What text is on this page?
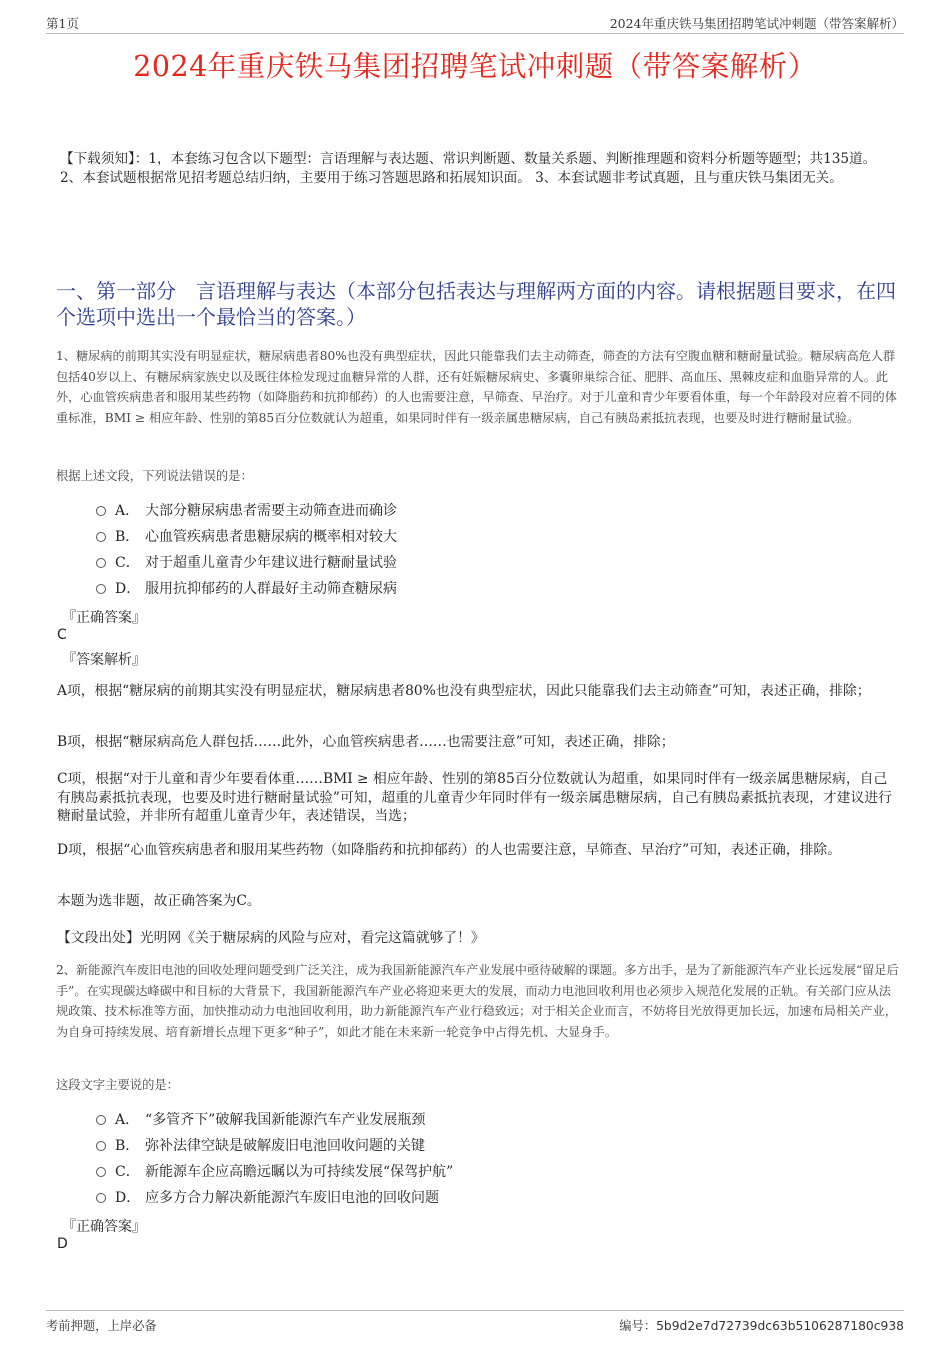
第1页	2024年重庆铁马集团招聘笔试冲刺题（带答案解析）
2024年重庆铁马集团招聘笔试冲刺题（带答案解析）
【下载须知】：1，本套练习包含以下题型：言语理解与表达题、常识判断题、数量关系题、判断推理题和资料分析题等题型；共135道。 2、本套试题根据常见招考题总结归纳，主要用于练习答题思路和拓展知识面。 3、本套试题非考试真题，且与重庆铁马集团无关。
一、第一部分　言语理解与表达（本部分包括表达与理解两方面的内容。请根据题目要求，在四个选项中选出一个最恰当的答案。）
1、糖尿病的前期其实没有明显症状，糖尿病患者80%也没有典型症状，因此只能靠我们去主动筛查，筛查的方法有空腹血糖和糖耐量试验。糖尿病高危人群包括40岁以上、有糖尿病家族史以及既往体检发现过血糖异常的人群，还有妊娠糖尿病史、多囊卵巢综合征、肥胖、高血压、黑棘皮症和血脂异常的人。此外，心血管疾病患者和服用某些药物（如降脂药和抗抑郁药）的人也需要注意，早筛查、早治疗。对于儿童和青少年要看体重，每一个年龄段对应着不同的体重标准，BMI ≥ 相应年龄、性别的第85百分位数就认为超重，如果同时伴有一级亲属患糖尿病，自己有胰岛素抵抗表现，也要及时进行糖耐量试验。
根据上述文段，下列说法错误的是：
A． 大部分糖尿病患者需要主动筛查进而确诊
B． 心血管疾病患者患糖尿病的概率相对较大
C． 对于超重儿童青少年建议进行糖耐量试验
D． 服用抗抑郁药的人群最好主动筛查糖尿病
『正确答案』
C
『答案解析』
A项，根据“糖尿病的前期其实没有明显症状，糖尿病患者80%也没有典型症状，因此只能靠我们去主动筛查”可知，表述正确，排除；
B项，根据“糖尿病高危人群包括……此外，心血管疾病患者……也需要注意”可知，表述正确，排除；
C项，根据“对于儿童和青少年要看体重……BMI ≥ 相应年龄、性别的第85百分位数就认为超重，如果同时伴有一级亲属患糖尿病，自己有胰岛素抵抗表现，也要及时进行糖耐量试验”可知，超重的儿童青少年同时伴有一级亲属患糖尿病，自己有胰岛素抵抗表现，才建议进行糖耐量试验，并非所有超重儿童青少年，表述错误，当选；
D项，根据“心血管疾病患者和服用某些药物（如降脂药和抗抑郁药）的人也需要注意，早筛查、早治疗”可知，表述正确，排除。
本题为选非题，故正确答案为C。
【文段出处】光明网《关于糖尿病的风险与应对，看完这篇就够了！》
2、新能源汽车废旧电池的回收处理问题受到广泛关注，成为我国新能源汽车产业发展中亟待破解的课题。多方出手，是为了新能源汽车产业长远发展“留足后手”。在实现碳达峰碳中和目标的大背景下，我国新能源汽车产业必将迎来更大的发展，而动力电池回收利用也必须步入规范化发展的正轨。有关部门应从法规政策、技术标准等方面，加快推动动力电池回收利用，助力新能源汽车产业行稳致远；对于相关企业而言，不妨将目光放得更加长远，加速布局相关产业，为自身可持续发展、培育新增长点埋下更多“种子”，如此才能在未来新一轮竞争中占得先机、大显身手。
这段文字主要说的是：
A． “多管齐下”破解我国新能源汽车产业发展瓶颈
B． 弥补法律空缺是破解废旧电池回收问题的关键
C． 新能源车企应高瞻远瞩以为可持续发展“保驾护航”
D． 应多方合力解决新能源汽车废旧电池的回收问题
『正确答案』
D
考前押题，上岸必备	编号：5b9d2e7d72739dc63b5106287180c938
